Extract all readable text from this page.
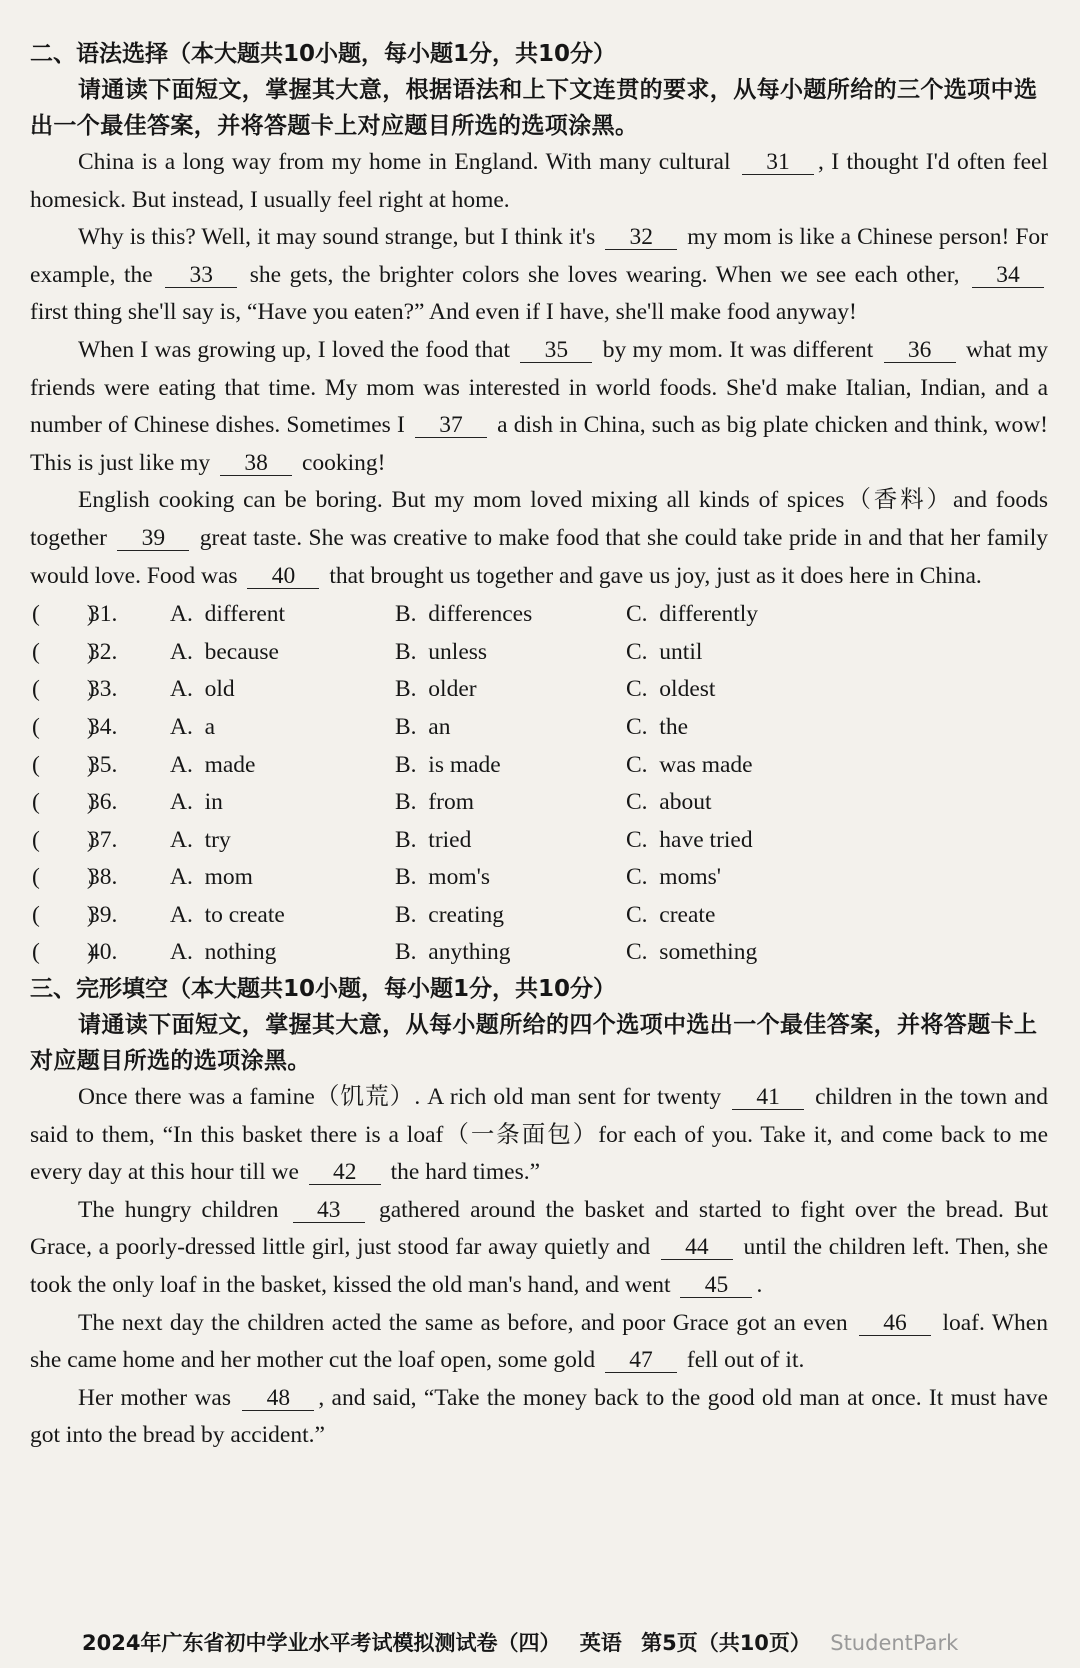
二、语法选择（本大题共10小题，每小题1分，共10分）

请通读下面短文，掌握其大意，根据语法和上下文连贯的要求，从每小题所给的三个选项中选出一个最佳答案，并将答题卡上对应题目所选的选项涂黑。

China is a long way from my home in England. With many cultural 31 , I thought I'd often feel homesick. But instead, I usually feel right at home.

Why is this? Well, it may sound strange, but I think it's 32 my mom is like a Chinese person! For example, the 33 she gets, the brighter colors she loves wearing. When we see each other, 34 first thing she'll say is, “Have you eaten?” And even if I have, she'll make food anyway!

When I was growing up, I loved the food that 35 by my mom. It was different 36 what my friends were eating that time. My mom was interested in world foods. She'd make Italian, Indian, and a number of Chinese dishes. Sometimes I 37 a dish in China, such as big plate chicken and think, wow! This is just like my 38 cooking!

English cooking can be boring. But my mom loved mixing all kinds of spices（香料）and foods together 39 great taste. She was creative to make food that she could take pride in and that her family would love. Food was 40 that brought us together and gave us joy, just as it does here in China.

(        )
31. A.  different	B.  differences	C.  differently
(        )
32. A.  because	B.  unless	C.  until
(        )
33. A.  old	B.  older	C.  oldest
(        )
34. A.  a	B.  an	C.  the
(        )
35. A.  made	B.  is made	C.  was made
(        )
36. A.  in	B.  from	C.  about
(        )
37. A.  try	B.  tried	C.  have tried
(        )
38. A.  mom	B.  mom's	C.  moms'
(        )
39. A.  to create	B.  creating	C.  create
(        )
40. A.  nothing	B.  anything	C.  something

三、完形填空（本大题共10小题，每小题1分，共10分）

请通读下面短文，掌握其大意，从每小题所给的四个选项中选出一个最佳答案，并将答题卡上对应题目所选的选项涂黑。

Once there was a famine（饥荒）. A rich old man sent for twenty 41 children in the town and said to them, “In this basket there is a loaf（一条面包）for each of you. Take it, and come back to me every day at this hour till we 42 the hard times.”

The hungry children 43 gathered around the basket and started to fight over the bread. But Grace, a poorly-dressed little girl, just stood far away quietly and 44 until the children left. Then, she took the only loaf in the basket, kissed the old man's hand, and went 45 .

The next day the children acted the same as before, and poor Grace got an even 46 loaf. When she came home and her mother cut the loaf open, some gold 47 fell out of it.

Her mother was 48 , and said, “Take the money back to the good old man at once. It must have got into the bread by accident.”

2024年广东省初中学业水平考试模拟测试卷（四） 英语 第5页（共10页） StudentPark
